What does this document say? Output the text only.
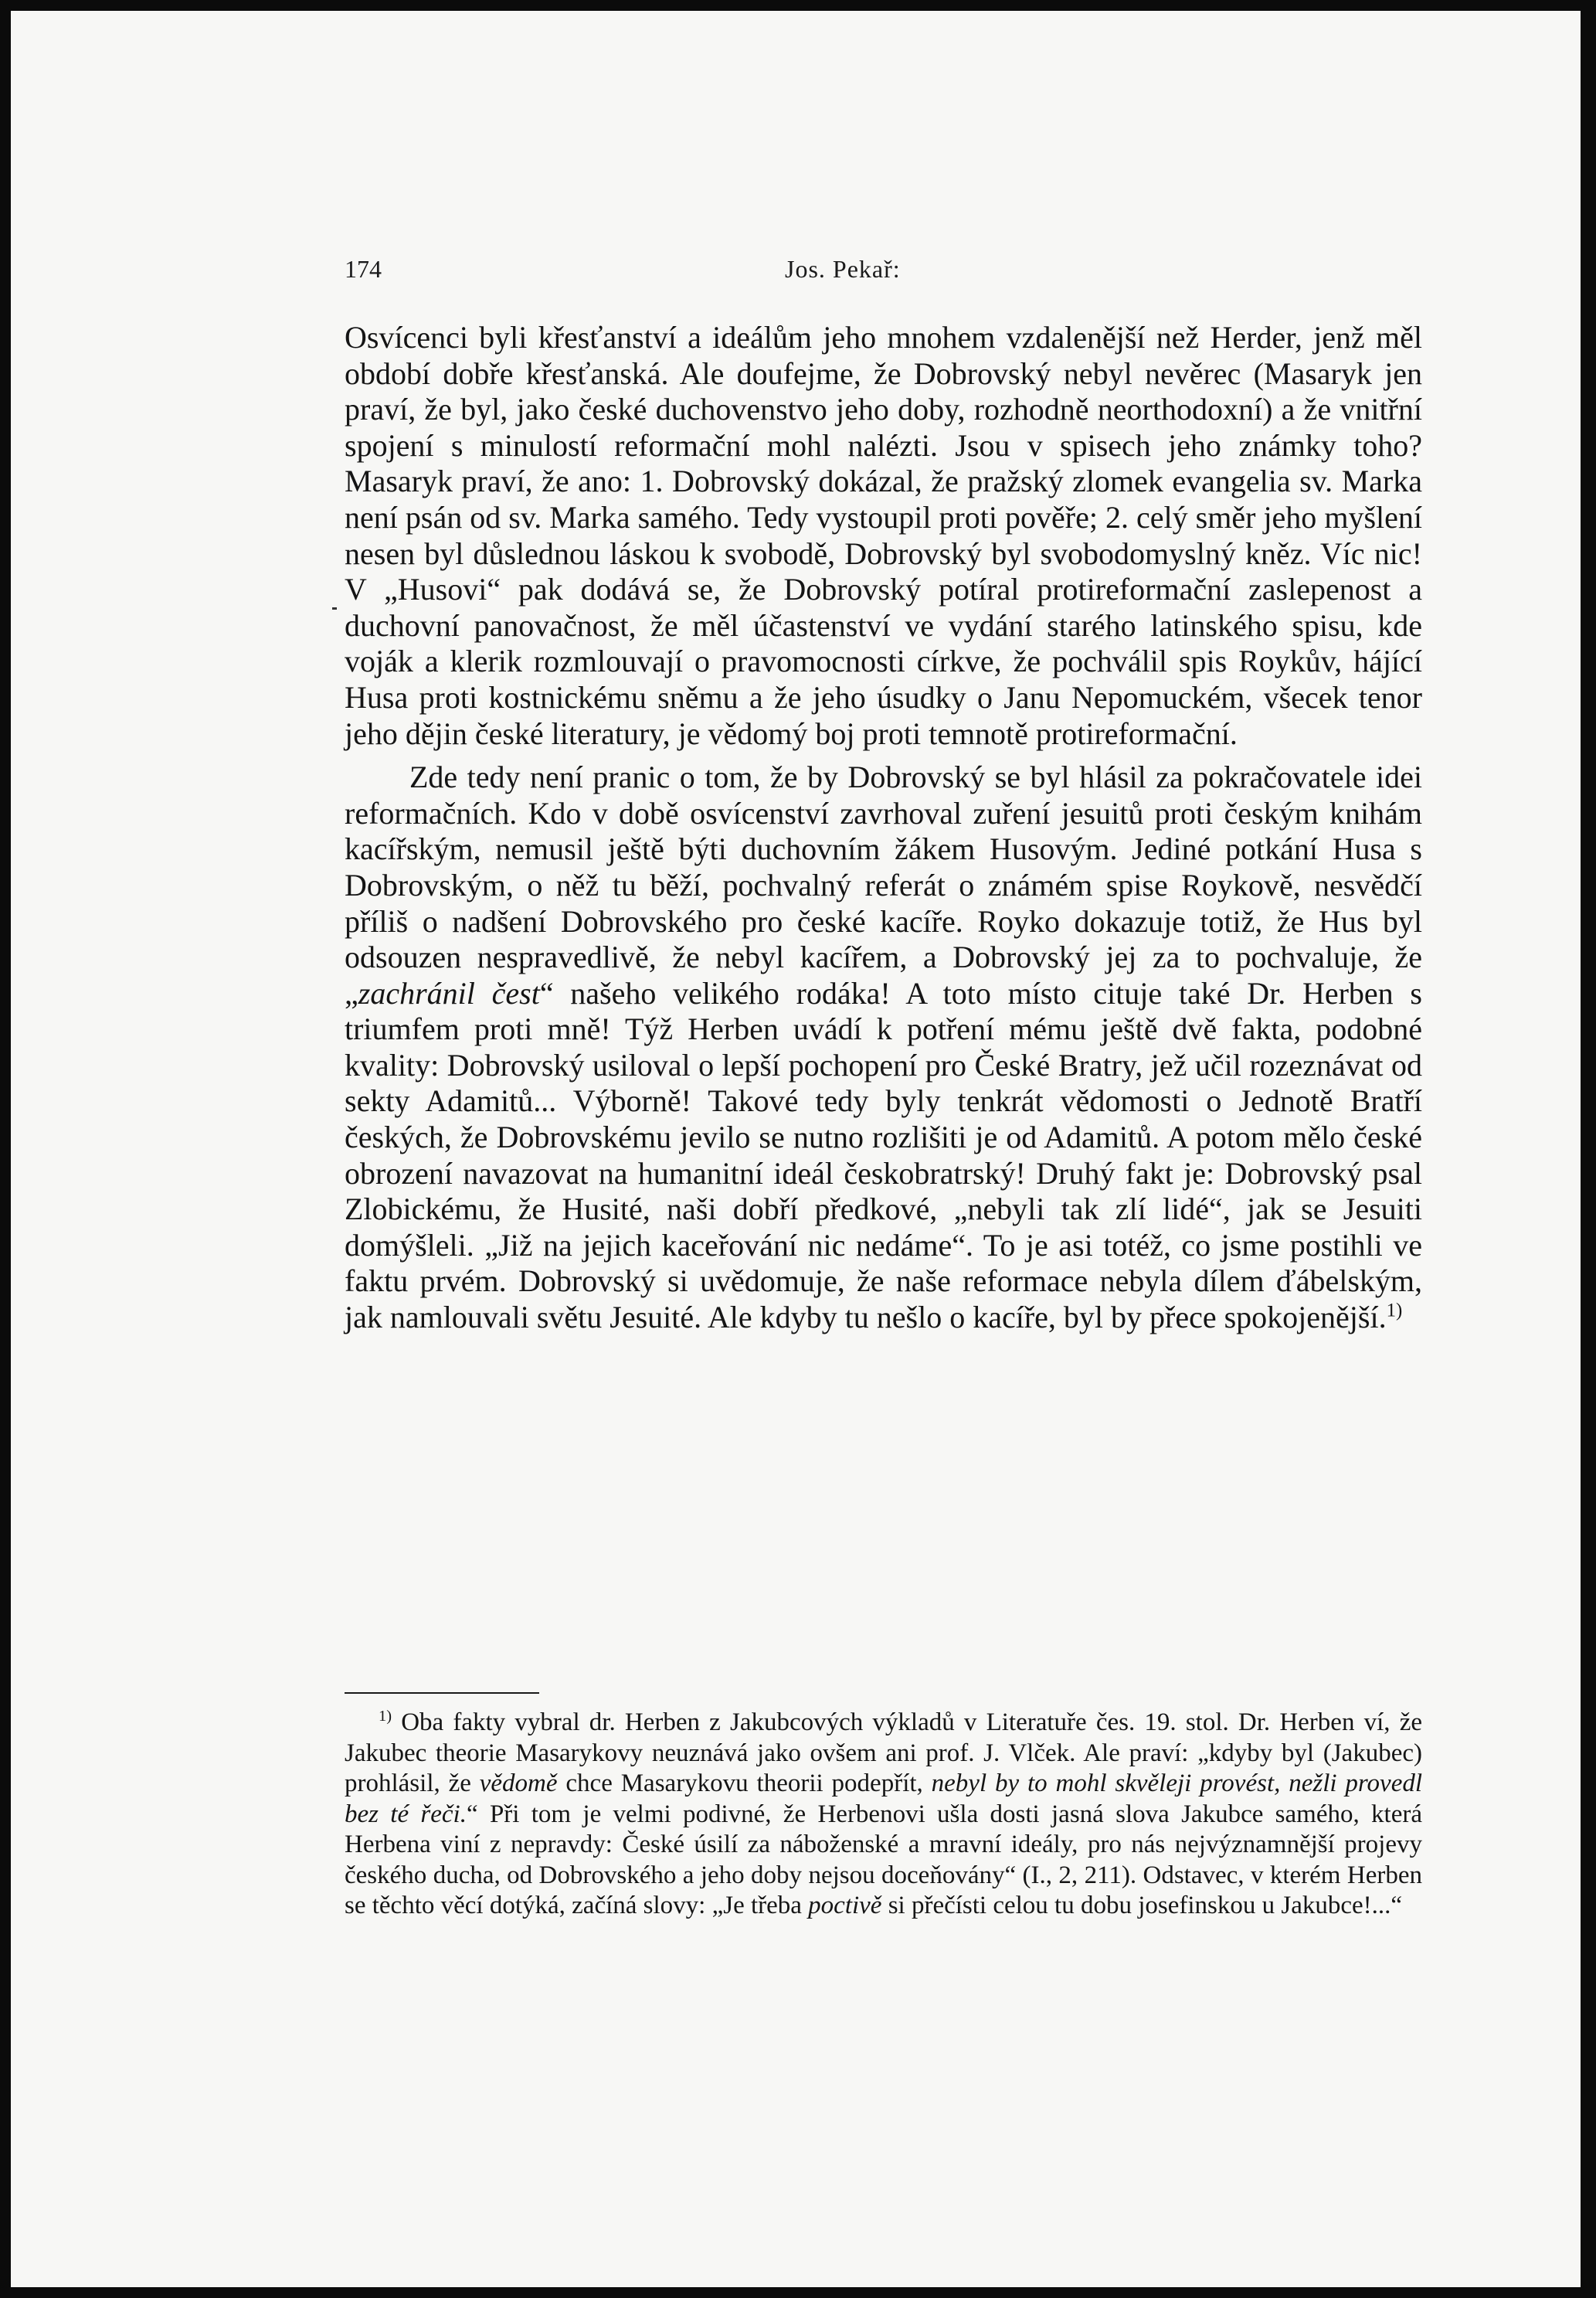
174	Jos. Pekař:

Osvícenci byli křesťanství a ideálům jeho mnohem vzdalenější než Herder, jenž měl období dobře křesťanská. Ale doufejme, že Dobrovský nebyl nevěrec (Masaryk jen praví, že byl, jako české duchovenstvo jeho doby, rozhodně neorthodoxní) a že vnitřní spojení s minulostí reformační mohl nalézti. Jsou v spisech jeho známky toho? Masaryk praví, že ano: 1. Dobrovský dokázal, že pražský zlomek evangelia sv. Marka není psán od sv. Marka samého. Tedy vystoupil proti pověře; 2. celý směr jeho myšlení nesen byl důslednou láskou k svobodě, Dobrovský byl svobodomyslný kněz. Víc nic! V „Husovi“ pak dodává se, že Dobrovský potíral protireformační zaslepenost a duchovní panovačnost, že měl účastenství ve vydání starého latinského spisu, kde voják a klerik rozmlouvají o pravomocnosti církve, že pochválil spis Roykův, hájící Husa proti kostnickému sněmu a že jeho úsudky o Janu Nepomuckém, všecek tenor jeho dějin české literatury, je vědomý boj proti temnotě protireformační.

Zde tedy není pranic o tom, že by Dobrovský se byl hlásil za pokračovatele idei reformačních. Kdo v době osvícenství zavrhoval zuření jesuitů proti českým knihám kacířským, nemusil ještě býti duchovním žákem Husovým. Jediné potkání Husa s Dobrovským, o něž tu běží, pochvalný referát o známém spise Roykově, nesvědčí příliš o nadšení Dobrovského pro české kacíře. Royko dokazuje totiž, že Hus byl odsouzen nespravedlivě, že nebyl kacířem, a Dobrovský jej za to pochvaluje, že „zachránil čest“ našeho velikého rodáka! A toto místo cituje také Dr. Herben s triumfem proti mně! Týž Herben uvádí k potření mému ještě dvě fakta, podobné kvality: Dobrovský usiloval o lepší pochopení pro České Bratry, jež učil rozeznávat od sekty Adamitů... Výborně! Takové tedy byly tenkrát vědomosti o Jednotě Bratří českých, že Dobrovskému jevilo se nutno rozlišiti je od Adamitů. A potom mělo české obrození navazovat na humanitní ideál českobratrský! Druhý fakt je: Dobrovský psal Zlobickému, že Husité, naši dobří předkové, „nebyli tak zlí lidé“, jak se Jesuiti domýšleli. „Již na jejich kaceřování nic nedáme“. To je asi totéž, co jsme postihli ve faktu prvém. Dobrovský si uvědomuje, že naše reformace nebyla dílem ďábelským, jak namlouvali světu Jesuité. Ale kdyby tu nešlo o kacíře, byl by přece spokojenější.$^{1)}$

$^{1)}$ Oba fakty vybral dr. Herben z Jakubcových výkladů v Literatuře čes. 19. stol. Dr. Herben ví, že Jakubec theorie Masarykovy neuznává jako ovšem ani prof. J. Vlček. Ale praví: „kdyby byl (Jakubec) prohlásil, že vědomě chce Masarykovu theorii podepřít, nebyl by to mohl skvěleji provést, nežli provedl bez té řeči.“ Při tom je velmi podivné, že Herbenovi ušla dosti jasná slova Jakubce samého, která Herbena viní z nepravdy: České úsilí za náboženské a mravní ideály, pro nás nejvýznamnější projevy českého ducha, od Dobrovského a jeho doby nejsou doceňovány“ (I., 2, 211). Odstavec, v kterém Herben se těchto věcí dotýká, začíná slovy: „Je třeba poctivě si přečísti celou tu dobu josefinskou u Jakubce!...“
